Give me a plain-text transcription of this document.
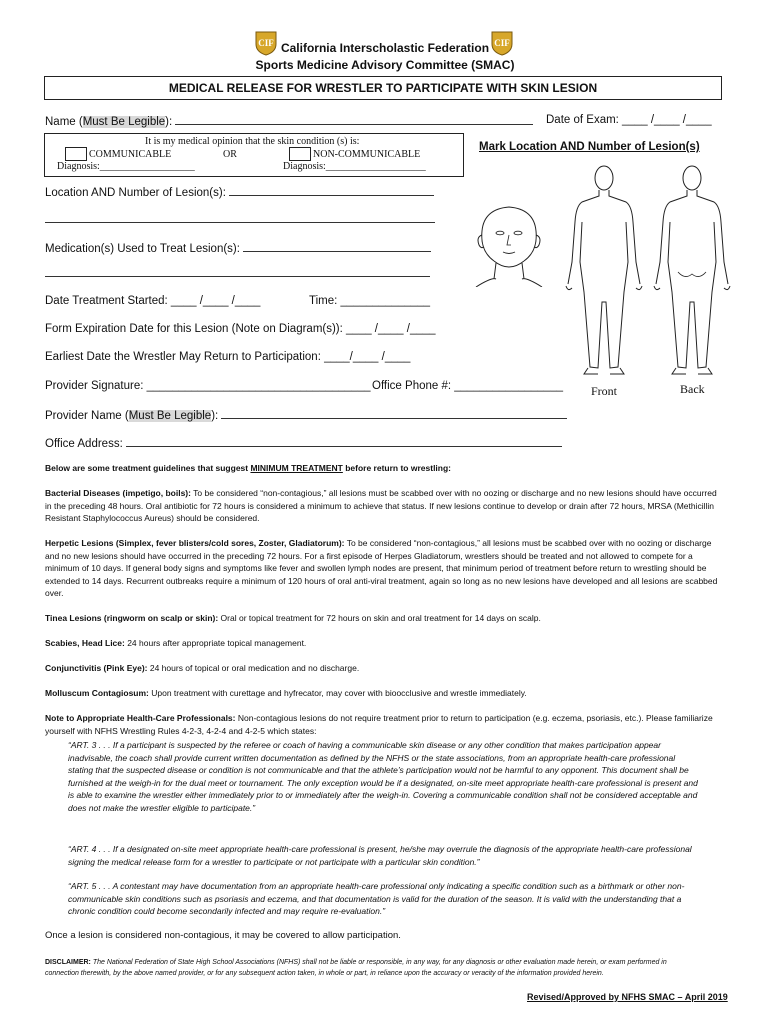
CIF	CIF
California Interscholastic Federation
Sports Medicine Advisory Committee (SMAC)
MEDICAL RELEASE FOR WRESTLER TO PARTICIPATE WITH SKIN LESION
Name (Must Be Legible):	Date of Exam: ____ /____ /____
It is my medical opinion that the skin condition (s) is:
COMMUNICABLE	OR	NON-COMMUNICABLE
Diagnosis:___________________	Diagnosis:____________________
Mark Location AND Number of Lesion(s)
Front	Back
Location AND Number of Lesion(s):
Medication(s) Used to Treat Lesion(s):
Date Treatment Started: ____ /____ /____	Time: ______________
Form Expiration Date for this Lesion (Note on Diagram(s)): ____ /____ /____
Earliest Date the Wrestler May Return to Participation: ____/____ /____
Provider Signature: ___________________________________ Office Phone #: _________________
Provider Name (Must Be Legible):
Office Address:
Below are some treatment guidelines that suggest MINIMUM TREATMENT before return to wrestling:
Bacterial Diseases (impetigo, boils): To be considered “non-contagious,” all lesions must be scabbed over with no oozing or discharge and no new lesions should have occurred in the preceding 48 hours. Oral antibiotic for 72 hours is considered a minimum to achieve that status. If new lesions continue to develop or drain after 72 hours, MRSA (Methicillin Resistant Staphylococcus Aureus) should be considered.
Herpetic Lesions (Simplex, fever blisters/cold sores, Zoster, Gladiatorum): To be considered “non-contagious,” all lesions must be scabbed over with no oozing or discharge and no new lesions should have occurred in the preceding 72 hours. For a first episode of Herpes Gladiatorum, wrestlers should be treated and not allowed to compete for a minimum of 10 days. If general body signs and symptoms like fever and swollen lymph nodes are present, that minimum period of treatment before return to wrestling should be extended to 14 days. Recurrent outbreaks require a minimum of 120 hours of oral anti-viral treatment, again so long as no new lesions have developed and all lesions are scabbed over.
Tinea Lesions (ringworm on scalp or skin): Oral or topical treatment for 72 hours on skin and oral treatment for 14 days on scalp.
Scabies, Head Lice: 24 hours after appropriate topical management.
Conjunctivitis (Pink Eye): 24 hours of topical or oral medication and no discharge.
Molluscum Contagiosum: Upon treatment with curettage and hyfrecator, may cover with bioocclusive and wrestle immediately.
Note to Appropriate Health-Care Professionals: Non-contagious lesions do not require treatment prior to return to participation (e.g. eczema, psoriasis, etc.). Please familiarize yourself with NFHS Wrestling Rules 4-2-3, 4-2-4 and 4-2-5 which states:
“ART. 3 . . . If a participant is suspected by the referee or coach of having a communicable skin disease or any other condition that makes participation appear inadvisable, the coach shall provide current written documentation as defined by the NFHS or the state associations, from an appropriate health-care professional stating that the suspected disease or condition is not communicable and that the athlete’s participation would not be harmful to any opponent. This document shall be furnished at the weigh-in for the dual meet or tournament. The only exception would be if a designated, on-site meet appropriate health-care professional is present and is able to examine the wrestler either immediately prior to or immediately after the weigh-in. Covering a communicable condition shall not be considered acceptable and does not make the wrestler eligible to participate.”
“ART. 4 . . . If a designated on-site meet appropriate health-care professional is present, he/she may overrule the diagnosis of the appropriate health-care professional signing the medical release form for a wrestler to participate or not participate with a particular skin condition.”
“ART. 5 . . . A contestant may have documentation from an appropriate health-care professional only indicating a specific condition such as a birthmark or other non-communicable skin conditions such as psoriasis and eczema, and that documentation is valid for the duration of the season. It is valid with the understanding that a chronic condition could become secondarily infected and may require re-evaluation.”
Once a lesion is considered non-contagious, it may be covered to allow participation.
DISCLAIMER: The National Federation of State High School Associations (NFHS) shall not be liable or responsible, in any way, for any diagnosis or other evaluation made herein, or exam performed in connection therewith, by the above named provider, or for any subsequent action taken, in whole or part, in reliance upon the accuracy or veracity of the information provided herein.
Revised/Approved by NFHS SMAC – April 2019
